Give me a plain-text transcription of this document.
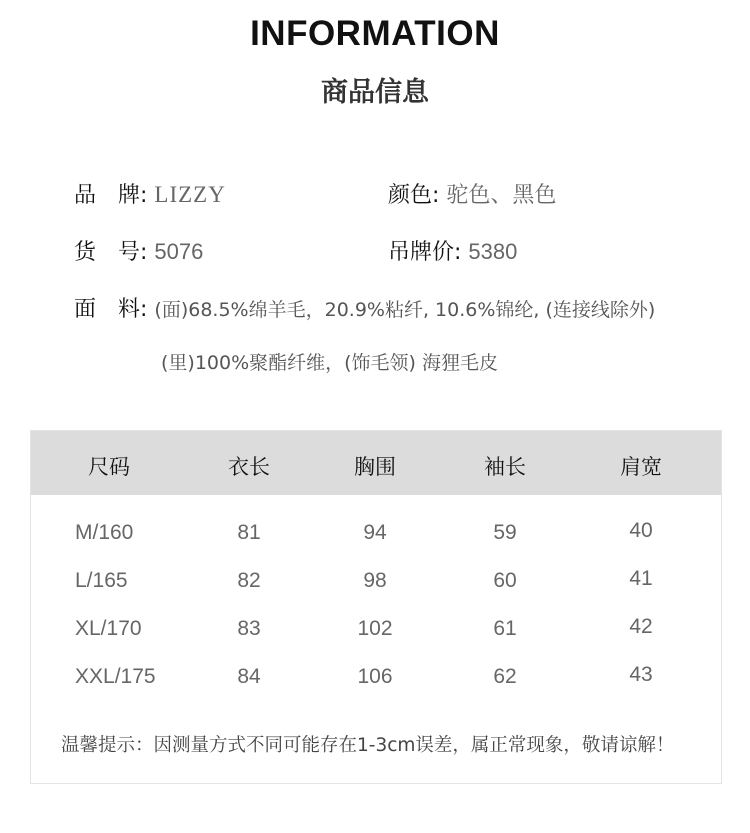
INFORMATION
商品信息
品　牌: LIZZY	颜色: 驼色、黑色
货　号: 5076	吊牌价: 5380
面　料: (面)68.5%绵羊毛，20.9%粘纤, 10.6%锦纶, (连接线除外)
(里)100%聚酯纤维，(饰毛领) 海狸毛皮
尺码	衣长	胸围	袖长	肩宽
M/160	81	94	59	40
L/165	82	98	60	41
XL/170	83	102	61	42
XXL/175	84	106	62	43
温馨提示：因测量方式不同可能存在1-3cm误差，属正常现象，敬请谅解！
